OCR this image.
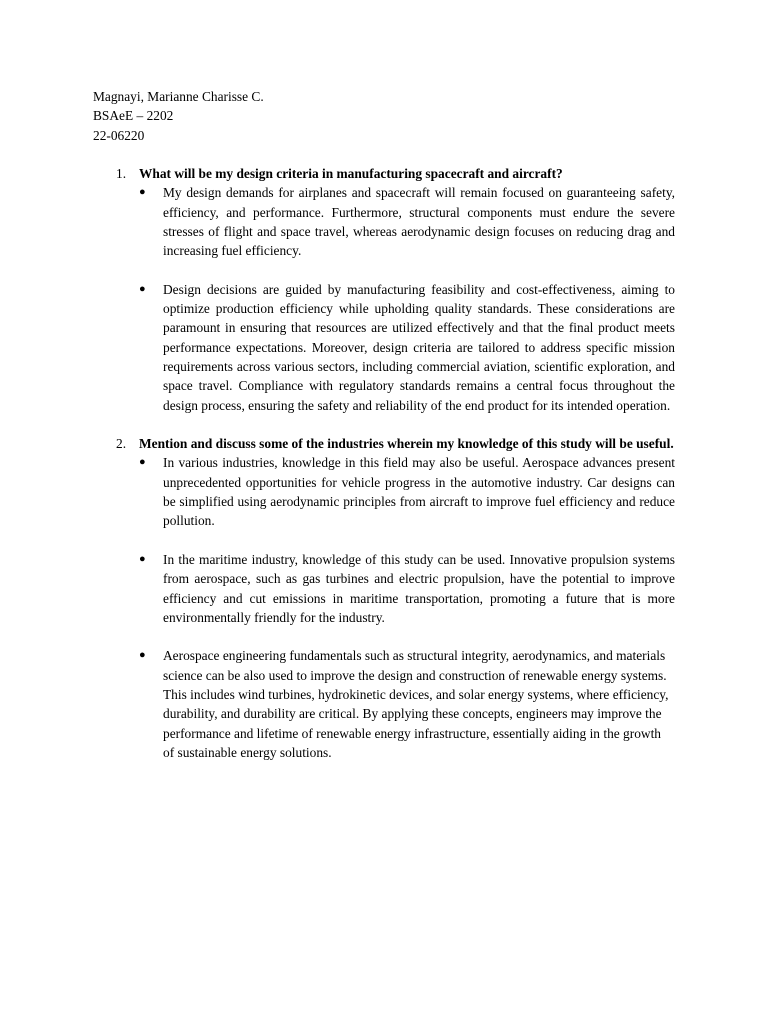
Magnayi, Marianne Charisse C.
BSAeE – 2202
22-06220
1. What will be my design criteria in manufacturing spacecraft and aircraft?
●	My design demands for airplanes and spacecraft will remain focused on guaranteeing safety, efficiency, and performance. Furthermore, structural components must endure the severe stresses of flight and space travel, whereas aerodynamic design focuses on reducing drag and increasing fuel efficiency.
●	Design decisions are guided by manufacturing feasibility and cost-effectiveness, aiming to optimize production efficiency while upholding quality standards. These considerations are paramount in ensuring that resources are utilized effectively and that the final product meets performance expectations. Moreover, design criteria are tailored to address specific mission requirements across various sectors, including commercial aviation, scientific exploration, and space travel. Compliance with regulatory standards remains a central focus throughout the design process, ensuring the safety and reliability of the end product for its intended operation.
2. Mention and discuss some of the industries wherein my knowledge of this study will be useful.
●	In various industries, knowledge in this field may also be useful. Aerospace advances present unprecedented opportunities for vehicle progress in the automotive industry. Car designs can be simplified using aerodynamic principles from aircraft to improve fuel efficiency and reduce pollution.
●	In the maritime industry, knowledge of this study can be used. Innovative propulsion systems from aerospace, such as gas turbines and electric propulsion, have the potential to improve efficiency and cut emissions in maritime transportation, promoting a future that is more environmentally friendly for the industry.
●	Aerospace engineering fundamentals such as structural integrity, aerodynamics, and materials science can be also used to improve the design and construction of renewable energy systems. This includes wind turbines, hydrokinetic devices, and solar energy systems, where efficiency, durability, and durability are critical. By applying these concepts, engineers may improve the performance and lifetime of renewable energy infrastructure, essentially aiding in the growth of sustainable energy solutions.
